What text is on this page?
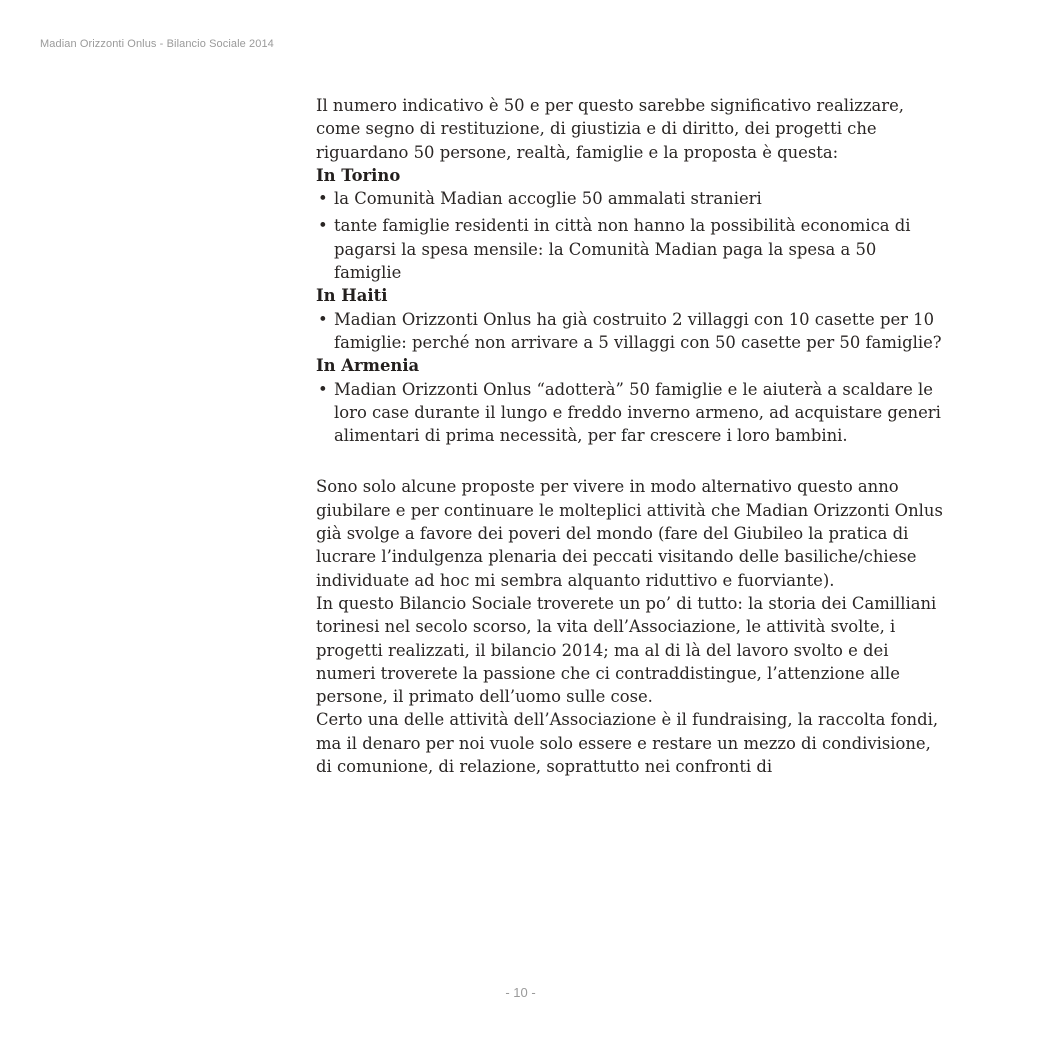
Madian Orizzonti Onlus - Bilancio Sociale 2014

Il numero indicativo è 50 e per questo sarebbe significativo realizzare, come segno di restituzione, di giustizia e di diritto, dei progetti che riguardano 50 persone, realtà, famiglie e la proposta è questa:

In Torino

• la Comunità Madian accoglie 50 ammalati stranieri
• tante famiglie residenti in città non hanno la possibilità economica di pagarsi la spesa mensile: la Comunità Madian paga la spesa a 50 famiglie

In Haiti

• Madian Orizzonti Onlus ha già costruito 2 villaggi con 10 casette per 10 famiglie: perché non arrivare a 5 villaggi con 50 casette per 50 famiglie?

In Armenia

• Madian Orizzonti Onlus “adotterà” 50 famiglie e le aiuterà a scaldare le loro case durante il lungo e freddo inverno armeno, ad acquistare generi alimentari di prima necessità, per far crescere i loro bambini.

Sono solo alcune proposte per vivere in modo alternativo questo anno giubilare e per continuare le molteplici attività che Madian Orizzonti Onlus già svolge a favore dei poveri del mondo (fare del Giubileo la pratica di lucrare l’indulgenza plenaria dei peccati visitando delle basiliche/chiese individuate ad hoc mi sembra alquanto riduttivo e fuorviante).

In questo Bilancio Sociale troverete un po’ di tutto: la storia dei Camilliani torinesi nel secolo scorso, la vita dell’Associazione, le attività svolte, i progetti realizzati, il bilancio 2014; ma al di là del lavoro svolto e dei numeri troverete la passione che ci contraddistingue, l’attenzione alle persone, il primato dell’uomo sulle cose.

Certo una delle attività dell’Associazione è il fundraising, la raccolta fondi, ma il denaro per noi vuole solo essere e restare un mezzo di condivisione, di comunione, di relazione, soprattutto nei confronti di

- 10 -
